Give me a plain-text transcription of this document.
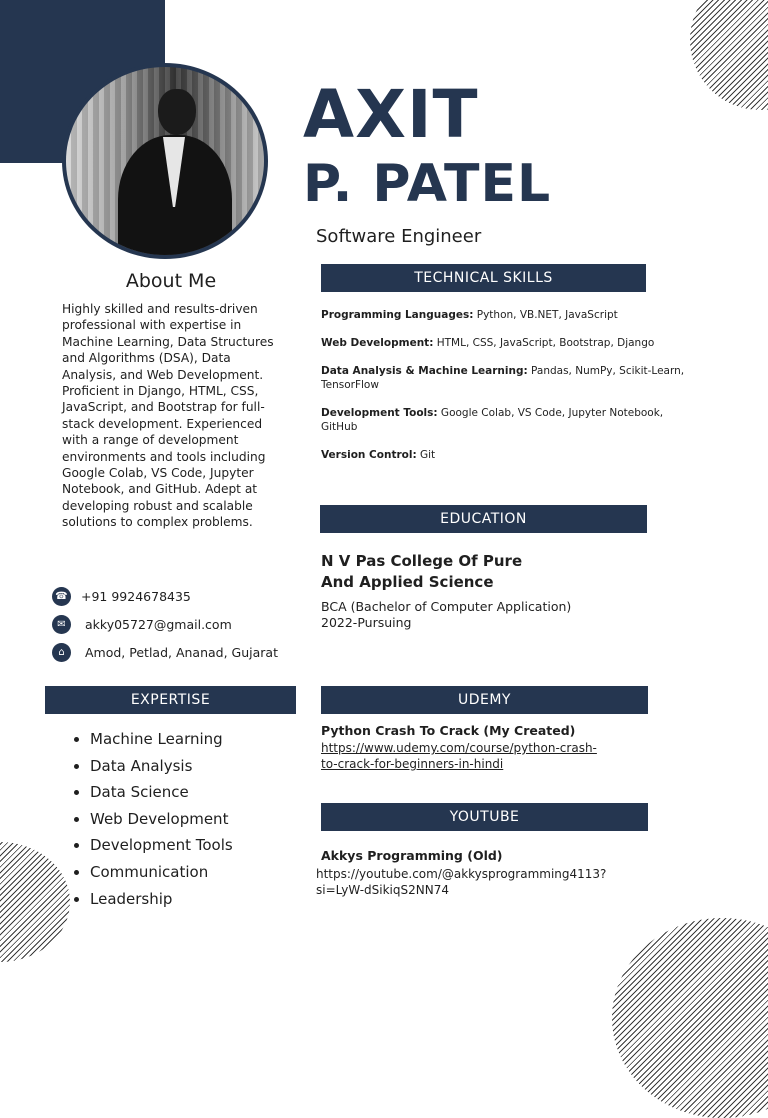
AXIT
P. PATEL
Software Engineer
About Me
Highly skilled and results-driven professional with expertise in Machine Learning, Data Structures and Algorithms (DSA), Data Analysis, and Web Development. Proficient in Django, HTML, CSS, JavaScript, and Bootstrap for full-stack development. Experienced with a range of development environments and tools including Google Colab, VS Code, Jupyter Notebook, and GitHub. Adept at developing robust and scalable solutions to complex problems.
☎ +91 9924678435
✉	akky05727@gmail.com
⌂	Amod, Petlad, Ananad, Gujarat
TECHNICAL SKILLS
Programming Languages: Python, VB.NET, JavaScript
Web Development: HTML, CSS, JavaScript, Bootstrap, Django
Data Analysis & Machine Learning: Pandas, NumPy, Scikit-Learn, TensorFlow
Development Tools: Google Colab, VS Code, Jupyter Notebook, GitHub
Version Control: Git
EDUCATION
N V Pas College Of Pure
And Applied Science
BCA (Bachelor of Computer Application)
2022-Pursuing
EXPERTISE
• Machine Learning
• Data Analysis
• Data Science
• Web Development
• Development Tools
• Communication
• Leadership
UDEMY
Python Crash To Crack (My Created)
https://www.udemy.com/course/python-crash-
to-crack-for-beginners-in-hindi
YOUTUBE
Akkys Programming (Old)
https://youtube.com/@akkysprogramming4113?
si=LyW-dSikiqS2NN74
